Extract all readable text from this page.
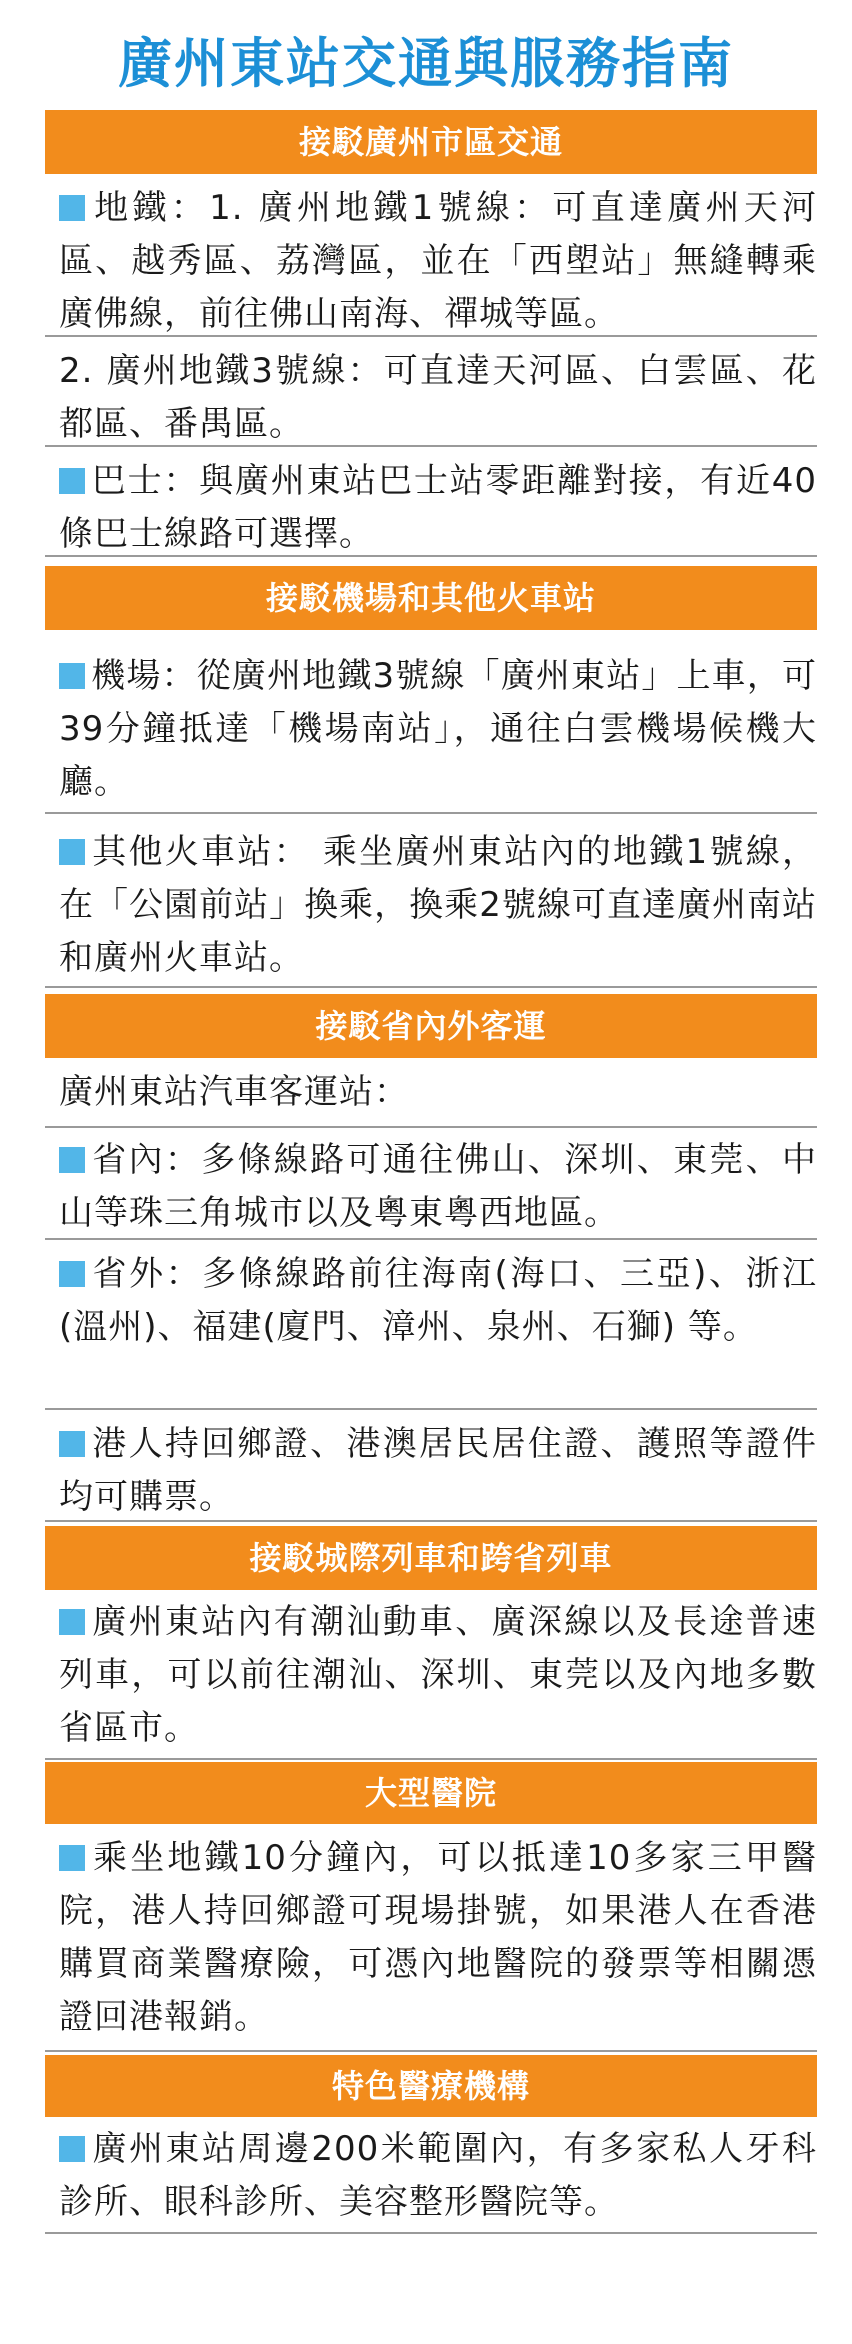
廣州東站交通與服務指南
接駁廣州市區交通
地鐵：1. 廣州地鐵1號線：可直達廣州天河區、越秀區、荔灣區，並在「西塱站」無縫轉乘廣佛線，前往佛山南海、禪城等區。
2. 廣州地鐵3號線：可直達天河區、白雲區、花都區、番禺區。
巴士：與廣州東站巴士站零距離對接，有近40條巴士線路可選擇。
接駁機場和其他火車站
機場：從廣州地鐵3號線「廣州東站」上車，可39分鐘抵達「機場南站」，通往白雲機場候機大廳。
其他火車站： 乘坐廣州東站內的地鐵1號線，在「公園前站」換乘，換乘2號線可直達廣州南站和廣州火車站。
接駁省內外客運
廣州東站汽車客運站：
省內：多條線路可通往佛山、深圳、東莞、中山等珠三角城市以及粵東粵西地區。
省外：多條線路前往海南(海口、三亞)、浙江(溫州)、福建(廈門、漳州、泉州、石獅) 等。
港人持回鄉證、港澳居民居住證、護照等證件均可購票。
接駁城際列車和跨省列車
廣州東站內有潮汕動車、廣深線以及長途普速列車，可以前往潮汕、深圳、東莞以及內地多數省區市。
大型醫院
乘坐地鐵10分鐘內，可以抵達10多家三甲醫院，港人持回鄉證可現場掛號，如果港人在香港購買商業醫療險，可憑內地醫院的發票等相關憑證回港報銷。
特色醫療機構
廣州東站周邊200米範圍內，有多家私人牙科診所、眼科診所、美容整形醫院等。
